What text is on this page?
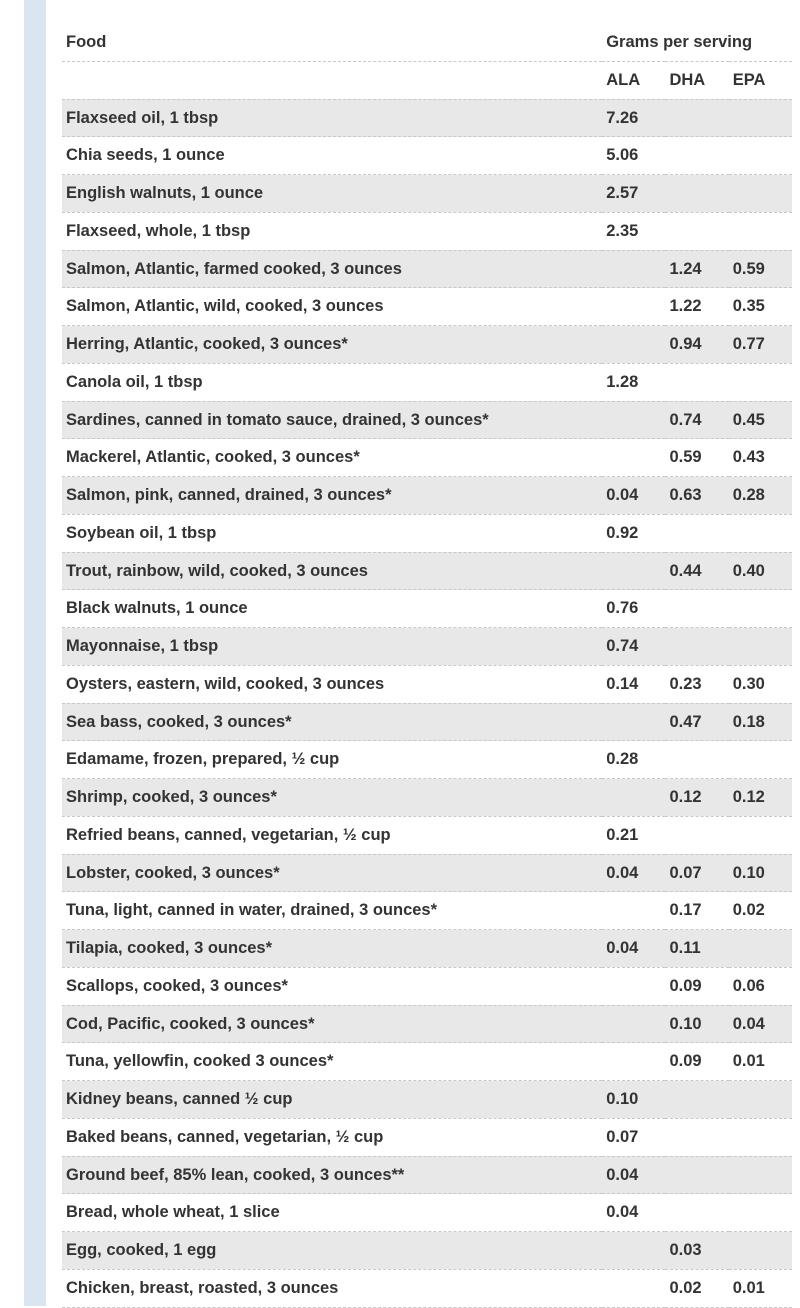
Food	Grams per serving		
	ALA	DHA	EPA
Flaxseed oil, 1 tbsp	7.26		
Chia seeds, 1 ounce	5.06		
English walnuts, 1 ounce	2.57		
Flaxseed, whole, 1 tbsp	2.35		
Salmon, Atlantic, farmed cooked, 3 ounces		1.24	0.59
Salmon, Atlantic, wild, cooked, 3 ounces		1.22	0.35
Herring, Atlantic, cooked, 3 ounces*		0.94	0.77
Canola oil, 1 tbsp	1.28		
Sardines, canned in tomato sauce, drained, 3 ounces*		0.74	0.45
Mackerel, Atlantic, cooked, 3 ounces*		0.59	0.43
Salmon, pink, canned, drained, 3 ounces*	0.04	0.63	0.28
Soybean oil, 1 tbsp	0.92		
Trout, rainbow, wild, cooked, 3 ounces		0.44	0.40
Black walnuts, 1 ounce	0.76		
Mayonnaise, 1 tbsp	0.74		
Oysters, eastern, wild, cooked, 3 ounces	0.14	0.23	0.30
Sea bass, cooked, 3 ounces*		0.47	0.18
Edamame, frozen, prepared, ½ cup	0.28		
Shrimp, cooked, 3 ounces*		0.12	0.12
Refried beans, canned, vegetarian, ½ cup	0.21		
Lobster, cooked, 3 ounces*	0.04	0.07	0.10
Tuna, light, canned in water, drained, 3 ounces*		0.17	0.02
Tilapia, cooked, 3 ounces*	0.04	0.11	
Scallops, cooked, 3 ounces*		0.09	0.06
Cod, Pacific, cooked, 3 ounces*		0.10	0.04
Tuna, yellowfin, cooked 3 ounces*		0.09	0.01
Kidney beans, canned ½ cup	0.10		
Baked beans, canned, vegetarian, ½ cup	0.07		
Ground beef, 85% lean, cooked, 3 ounces**	0.04		
Bread, whole wheat, 1 slice	0.04		
Egg, cooked, 1 egg		0.03	
Chicken, breast, roasted, 3 ounces		0.02	0.01
